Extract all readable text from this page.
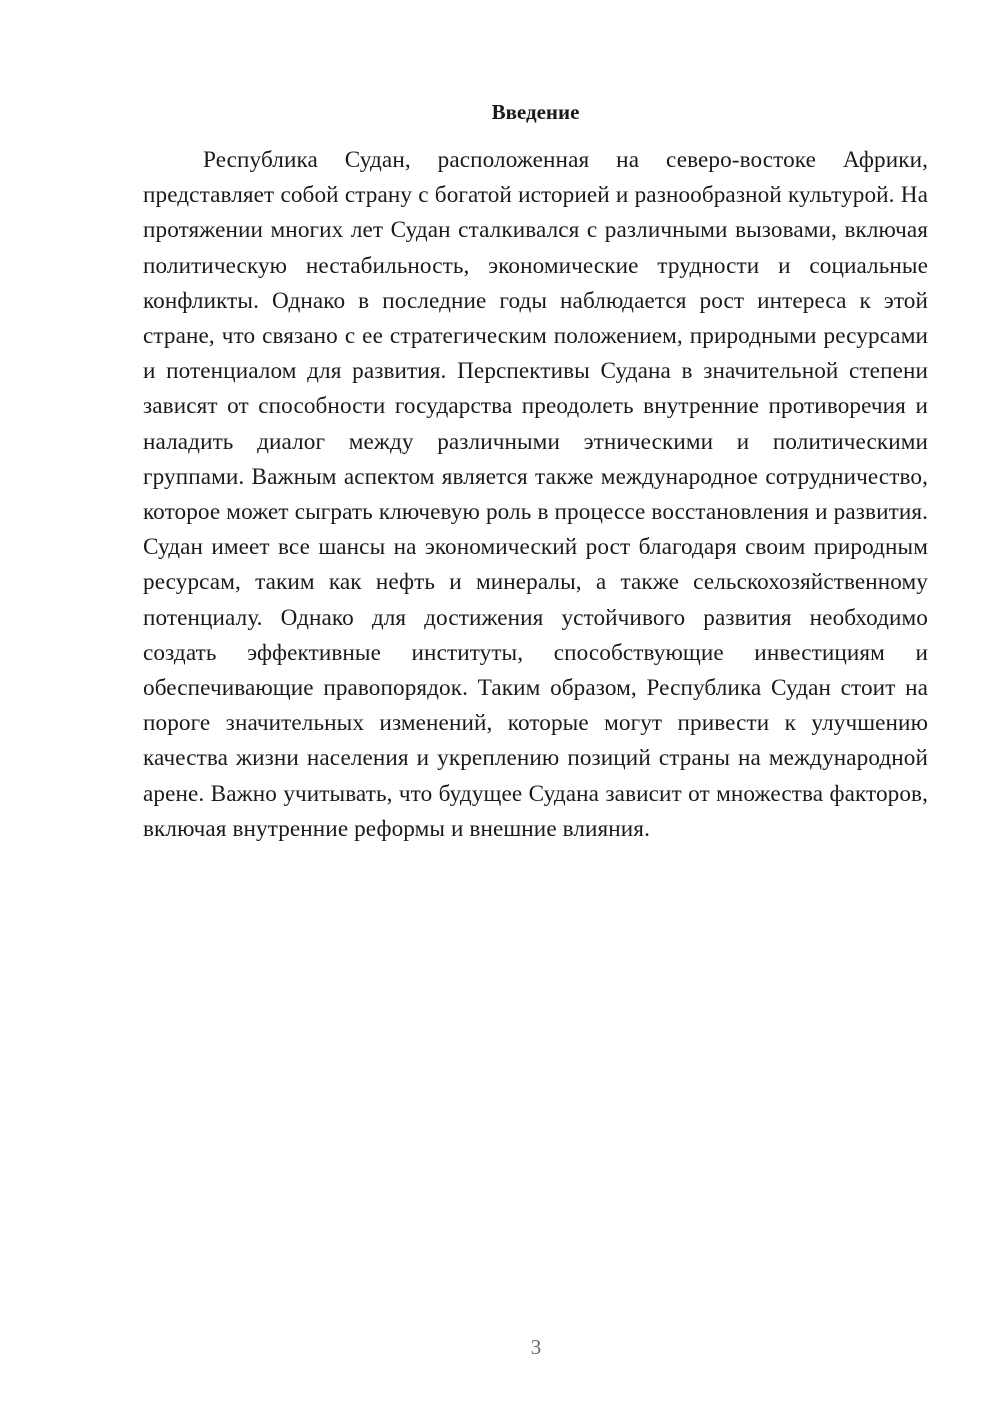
Введение

Республика Судан, расположенная на северо-востоке Африки, представляет собой страну с богатой историей и разнообразной культурой. На протяжении многих лет Судан сталкивался с различными вызовами, включая политическую нестабильность, экономические трудности и социальные конфликты. Однако в последние годы наблюдается рост интереса к этой стране, что связано с ее стратегическим положением, природными ресурсами и потенциалом для развития. Перспективы Судана в значительной степени зависят от способности государства преодолеть внутренние противоречия и наладить диалог между различными этническими и политическими группами. Важным аспектом является также международное сотрудничество, которое может сыграть ключевую роль в процессе восстановления и развития. Судан имеет все шансы на экономический рост благодаря своим природным ресурсам, таким как нефть и минералы, а также сельскохозяйственному потенциалу. Однако для достижения устойчивого развития необходимо создать эффективные институты, способствующие инвестициям и обеспечивающие правопорядок. Таким образом, Республика Судан стоит на пороге значительных изменений, которые могут привести к улучшению качества жизни населения и укреплению позиций страны на международной арене. Важно учитывать, что будущее Судана зависит от множества факторов, включая внутренние реформы и внешние влияния.

3
